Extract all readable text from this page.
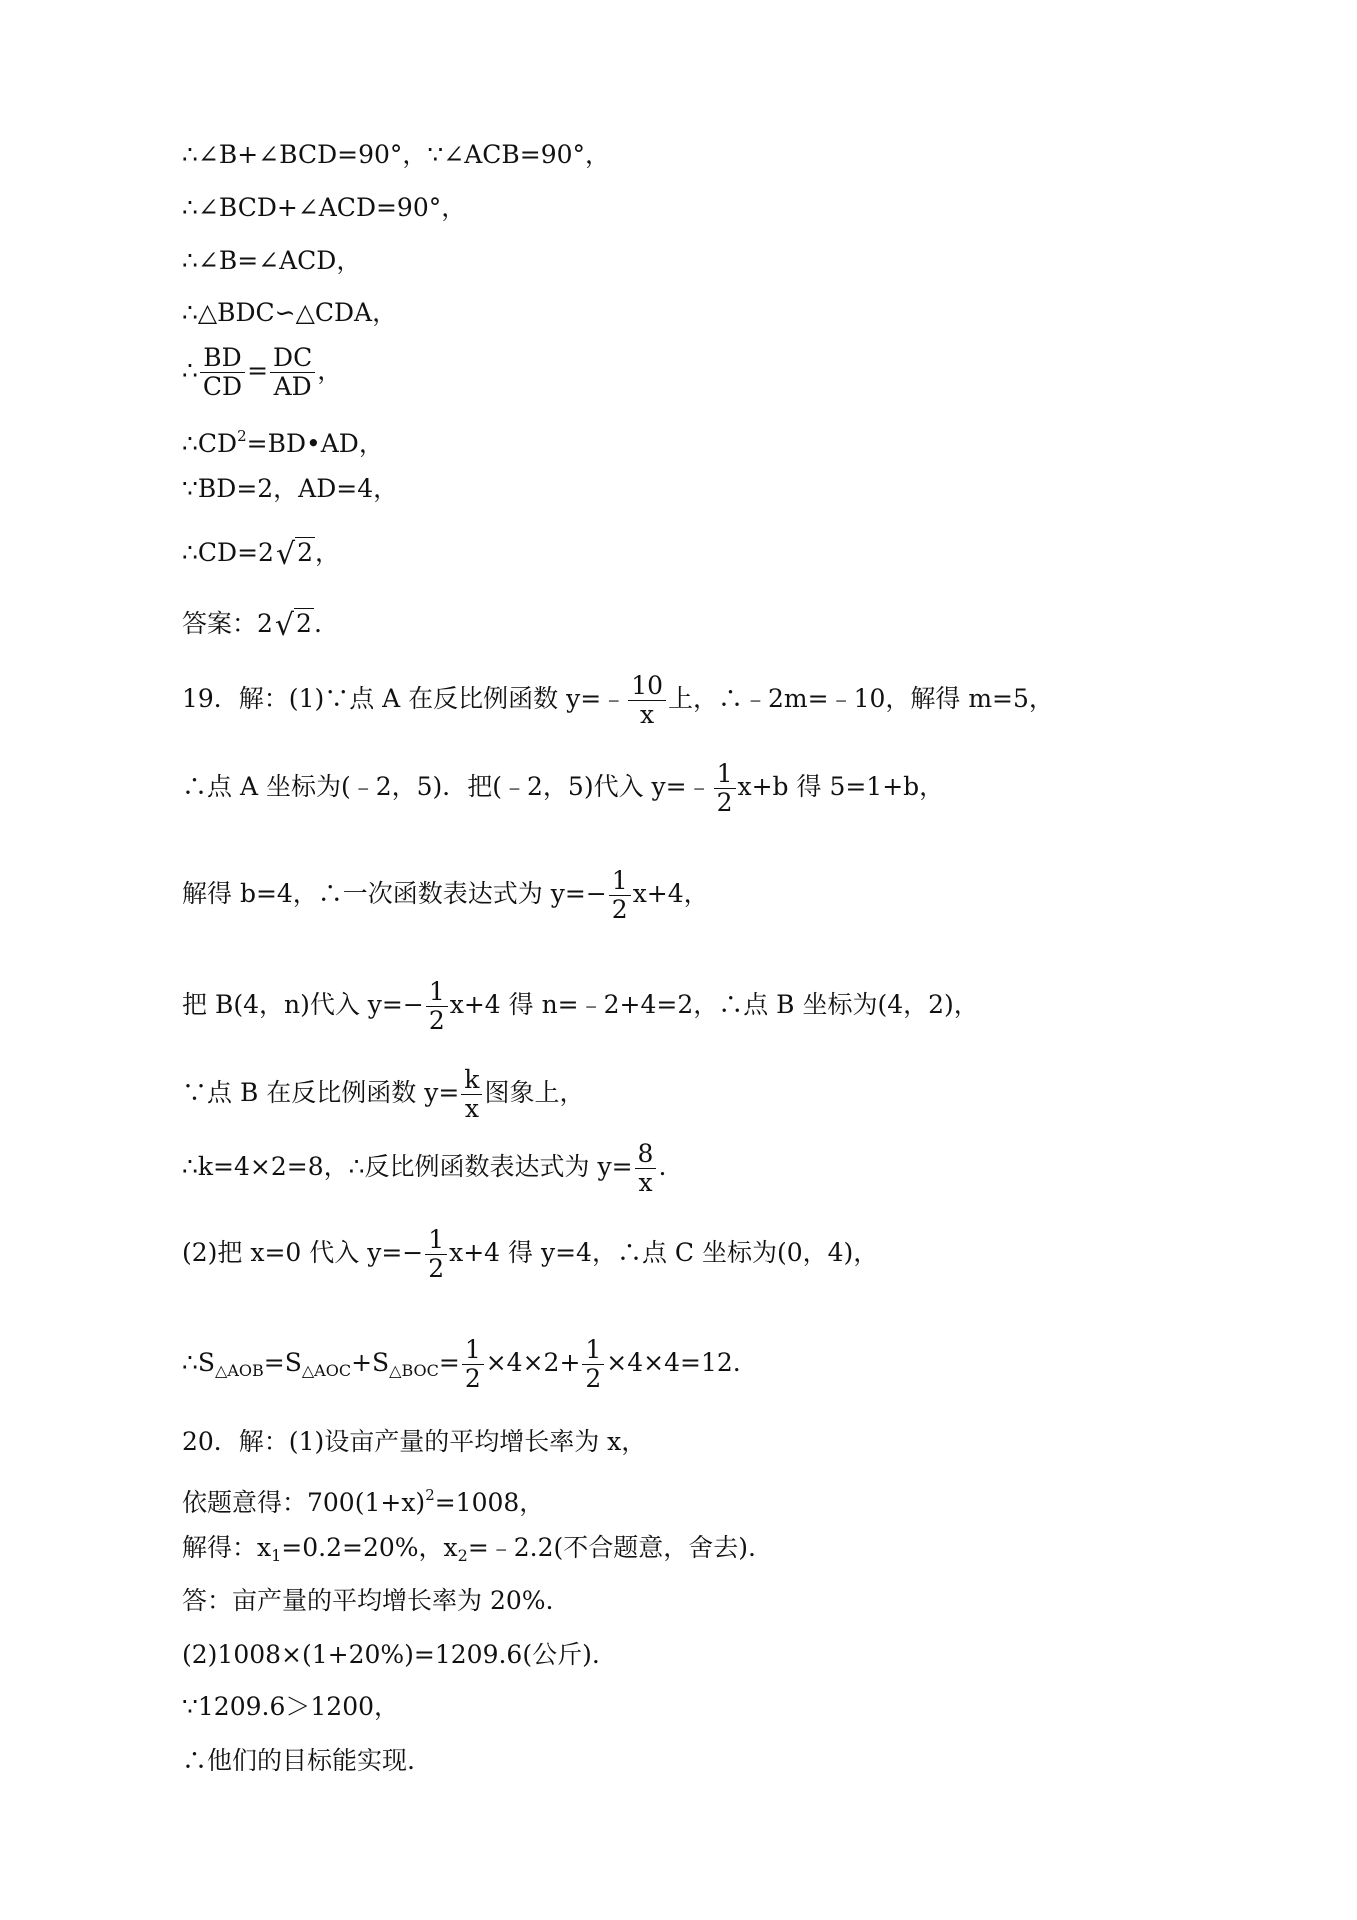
∴∠B+∠BCD=90°，∵∠ACB=90°，
∴∠BCD+∠ACD=90°，
∴∠B=∠ACD，
∴△BDC∽△CDA，
∴ $\frac{BD}{CD} = \frac{DC}{AD}$ ，
$\therefore CD^2=BD•AD$，
∵BD=2，AD=4，
∴CD=2√2，
答案：2√2.
19．解：(1)∵点 A 在反比例函数 y=﹣ $\frac{10}{x}$ 上，∴﹣2m=﹣10，解得 m=5，
∴点 A 坐标为(﹣2，5)．把(﹣2，5)代入 y=﹣ $\frac{1}{2} x+b$ 得 5=1+b，
解得 b=4，∴一次函数表达式为 $y=- \frac{1}{2} x+4$，
把 B(4，n)代入 $y=- \frac{1}{2} x+4$ 得 n=﹣2+4=2，∴点 B 坐标为(4，2)，
∵点 B 在反比例函数 $y= \frac{k}{x}$ 图象上，
∴k=4×2=8，∴反比例函数表达式为 $y= \frac{8}{x}$ .
(2)把 x=0 代入 $y=- \frac{1}{2} x+4$ 得 y=4，∴点 C 坐标为(0，4)，
$\therefore S_{\triangle AOB}=S_{\triangle AOC}+S_{\triangle BOC}= \frac{1}{2} \times 4\times 2+ \frac{1}{2} \times 4\times 4=12$.
20．解：(1)设亩产量的平均增长率为 x，
依题意得：$700(1+x)^2=1008$，
解得：$x_1=0.2=20\%$，$x_2=﹣2.2$(不合题意，舍去).
答：亩产量的平均增长率为 20%.
(2)1008×(1+20%)=1209.6(公斤).
∵1209.6＞1200，
∴他们的目标能实现.
